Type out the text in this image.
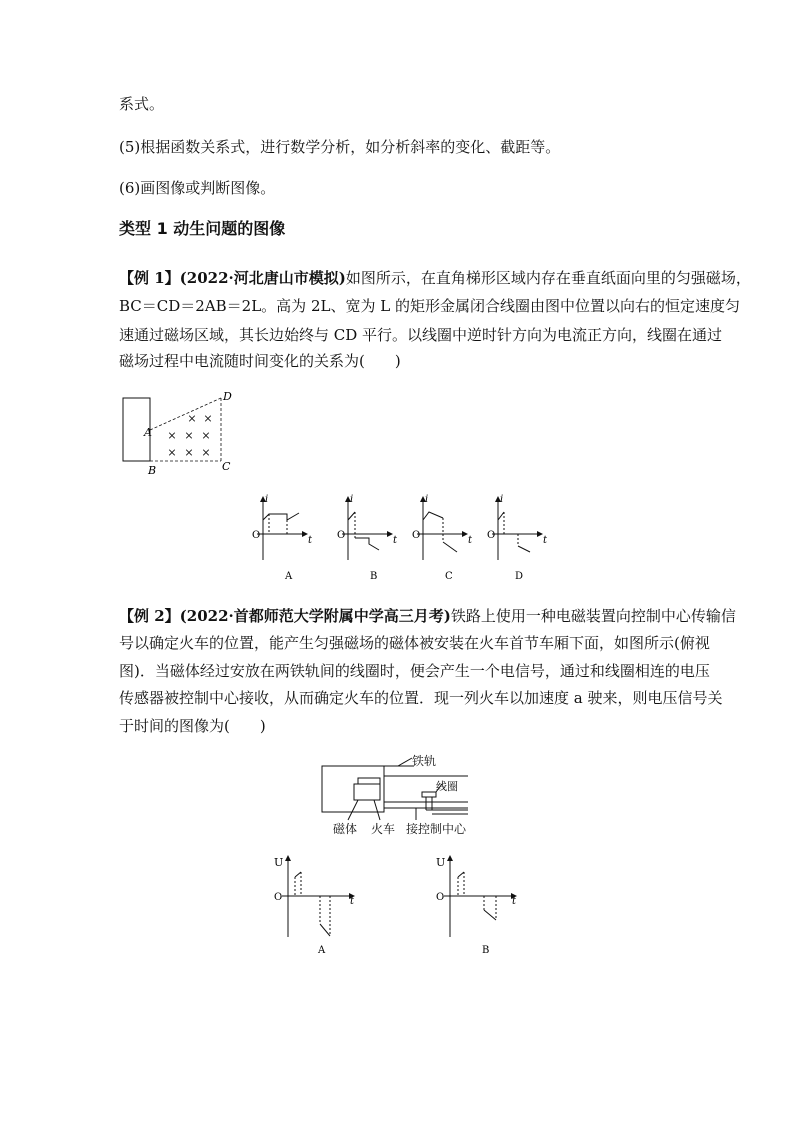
系式。
(5)根据函数关系式，进行数学分析，如分析斜率的变化、截距等。
(6)画图像或判断图像。
类型 1 动生问题的图像
【例 1】(2022·河北唐山市模拟)如图所示，在直角梯形区域内存在垂直纸面向里的匀强磁场，
BC＝CD＝2AB＝2L。高为 2L、宽为 L 的矩形金属闭合线圈由图中位置以向右的恒定速度匀
速通过磁场区域，其长边始终与 CD 平行。以线圈中逆时针方向为电流正方向，线圈在通过
磁场过程中电流随时间变化的关系为(　　)
× ×
× × ×
× × ×
A
B	C
D
i
t
O
A
i
t
O
B
i
t
O
C
i
t
O
D
【例 2】(2022·首都师范大学附属中学高三月考)铁路上使用一种电磁装置向控制中心传输信
号以确定火车的位置，能产生匀强磁场的磁体被安装在火车首节车厢下面，如图所示(俯视
图)．当磁体经过安放在两铁轨间的线圈时，便会产生一个电信号，通过和线圈相连的电压
传感器被控制中心接收，从而确定火车的位置．现一列火车以加速度 a 驶来，则电压信号关
于时间的图像为(　　)
铁轨
线圈
磁体 火车 接控制中心
U
t
O
A
U
t
O
B
